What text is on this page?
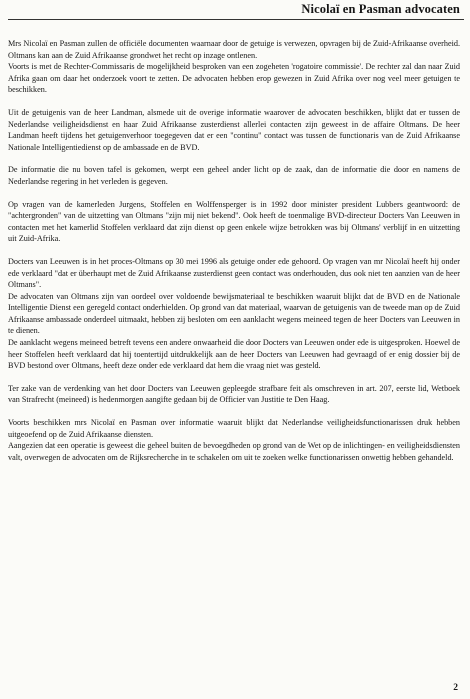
Nicolaï en Pasman advocaten

Mrs Nicolaï en Pasman zullen de officiële documenten waarnaar door de getuige is verwezen, opvragen bij de Zuid-Afrikaanse overheid. Oltmans kan aan de Zuid Afrikaanse grondwet het recht op inzage ontlenen.

Voorts is met de Rechter-Commissaris de mogelijkheid besproken van een zogeheten 'rogatoire commissie'. De rechter zal dan naar Zuid Afrika gaan om daar het onderzoek voort te zetten. De advocaten hebben erop gewezen in Zuid Afrika over nog veel meer getuigen te beschikken.

Uit de getuigenis van de heer Landman, alsmede uit de overige informatie waarover de advocaten beschikken, blijkt dat er tussen de Nederlandse veiligheidsdienst en haar Zuid Afrikaanse zusterdienst allerlei contacten zijn geweest in de affaire Oltmans. De heer Landman heeft tijdens het getuigenverhoor toegegeven dat er een "continu" contact was tussen de functionaris van de Zuid Afrikaanse Nationale Intelligentiedienst op de ambassade en de BVD.

De informatie die nu boven tafel is gekomen, werpt een geheel ander licht op de zaak, dan de informatie die door en namens de Nederlandse regering in het verleden is gegeven.

Op vragen van de kamerleden Jurgens, Stoffelen en Wolffensperger is in 1992 door minister president Lubbers geantwoord: de "achtergronden" van de uitzetting van Oltmans "zijn mij niet bekend". Ook heeft de toenmalige BVD-directeur Docters Van Leeuwen in contacten met het kamerlid Stoffelen verklaard dat zijn dienst op geen enkele wijze betrokken was bij Oltmans' verblijf in en uitzetting uit Zuid-Afrika.

Docters van Leeuwen is in het proces-Oltmans op 30 mei 1996 als getuige onder ede gehoord. Op vragen van mr Nicolaï heeft hij onder ede verklaard "dat er überhaupt met de Zuid Afrikaanse zusterdienst geen contact was onderhouden, dus ook niet ten aanzien van de heer Oltmans".

De advocaten van Oltmans zijn van oordeel over voldoende bewijsmateriaal te beschikken waaruit blijkt dat de BVD en de Nationale Intelligentie Dienst een geregeld contact onderhielden. Op grond van dat materiaal, waarvan de getuigenis van de tweede man op de Zuid Afrikaanse ambassade onderdeel uitmaakt, hebben zij besloten om een aanklacht wegens meineed tegen de heer Docters van Leeuwen in te dienen.

De aanklacht wegens meineed betreft tevens een andere onwaarheid die door Docters van Leeuwen onder ede is uitgesproken. Hoewel de heer Stoffelen heeft verklaard dat hij toentertijd uitdrukkelijk aan de heer Docters van Leeuwen had gevraagd of er enig dossier bij de BVD bestond over Oltmans, heeft deze onder ede verklaard dat hem die vraag niet was gesteld.

Ter zake van de verdenking van het door Docters van Leeuwen gepleegde strafbare feit als omschreven in art. 207, eerste lid, Wetboek van Strafrecht (meineed) is hedenmorgen aangifte gedaan bij de Officier van Justitie te Den Haag.

Voorts beschikken mrs Nicolaï en Pasman over informatie waaruit blijkt dat Nederlandse veiligheidsfunctionarissen druk hebben uitgeoefend op de Zuid Afrikaanse diensten.

Aangezien dat een operatie is geweest die geheel buiten de bevoegdheden op grond van de Wet op de inlichtingen- en veiligheidsdiensten valt, overwegen de advocaten om de Rijksrecherche in te schakelen om uit te zoeken welke functionarissen onwettig hebben gehandeld.

2
